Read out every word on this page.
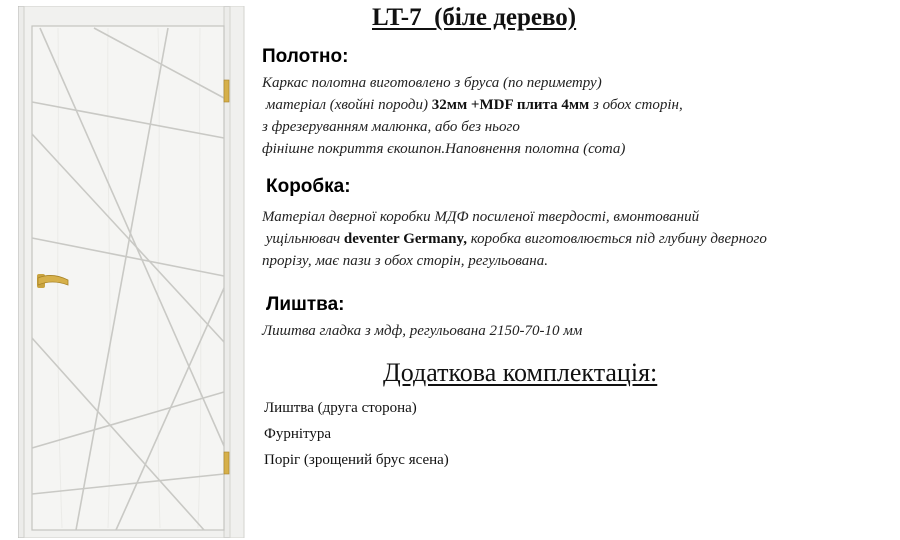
LT-7  (біле дерево)
Полотно:
Каркас полотна виготовлено з бруса (по периметру)
матеріал (хвойні породи) 32мм +MDF плита 4мм з обох сторін,
з фрезеруванням малюнка, або без нього
фінішне покриття єкошпон.Наповнення полотна (сота)
Коробка:
Матеріал дверної коробки МДФ посиленої твердості, вмонтований
ущільнювач deventer Germany, коробка виготовлюється під глубину дверного
прорізу, має пази з обох сторін, регульована.
Лиштва:
Лиштва гладка з мдф, регульована 2150-70-10 мм
Додаткова комплектація:
Лиштва (друга сторона)
Фурнітура
Поріг (зрощений брус ясена)
